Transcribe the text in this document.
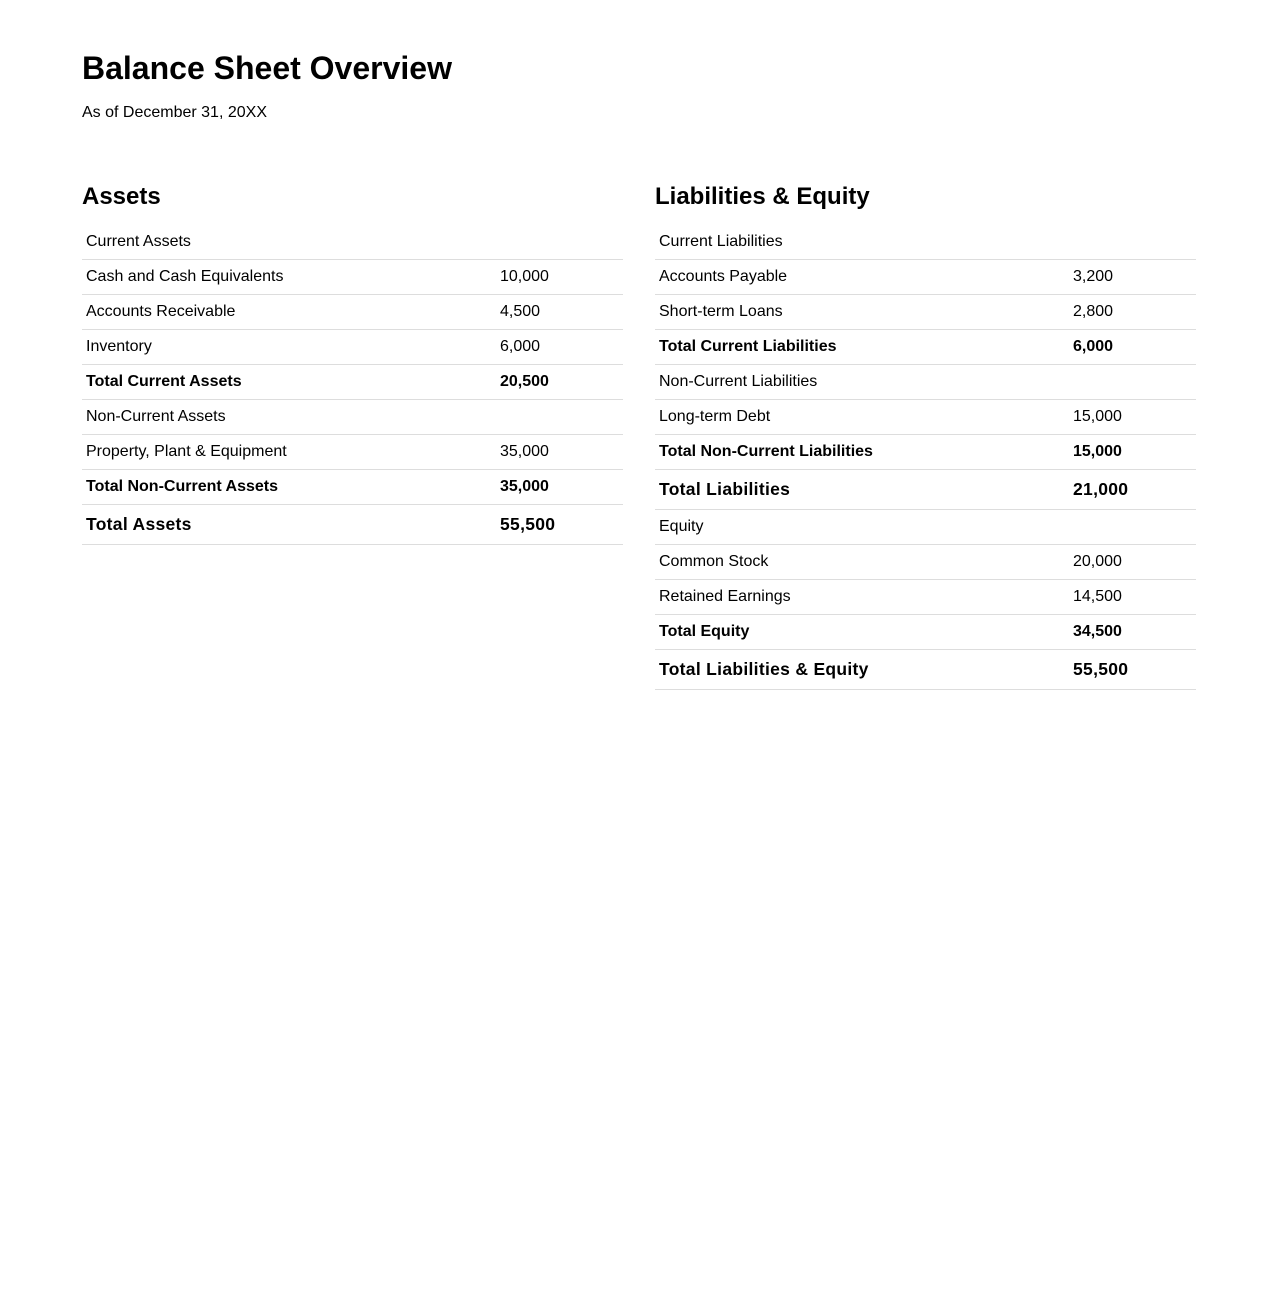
Balance Sheet Overview
As of December 31, 20XX
Assets
Current Assets	
Cash and Cash Equivalents	10,000
Accounts Receivable	4,500
Inventory	6,000
Total Current Assets	20,500
Non-Current Assets	
Property, Plant & Equipment	35,000
Total Non-Current Assets	35,000
Total Assets	55,500
Liabilities & Equity
Current Liabilities	
Accounts Payable	3,200
Short-term Loans	2,800
Total Current Liabilities	6,000
Non-Current Liabilities	
Long-term Debt	15,000
Total Non-Current Liabilities	15,000
Total Liabilities	21,000
Equity	
Common Stock	20,000
Retained Earnings	14,500
Total Equity	34,500
Total Liabilities & Equity	55,500
